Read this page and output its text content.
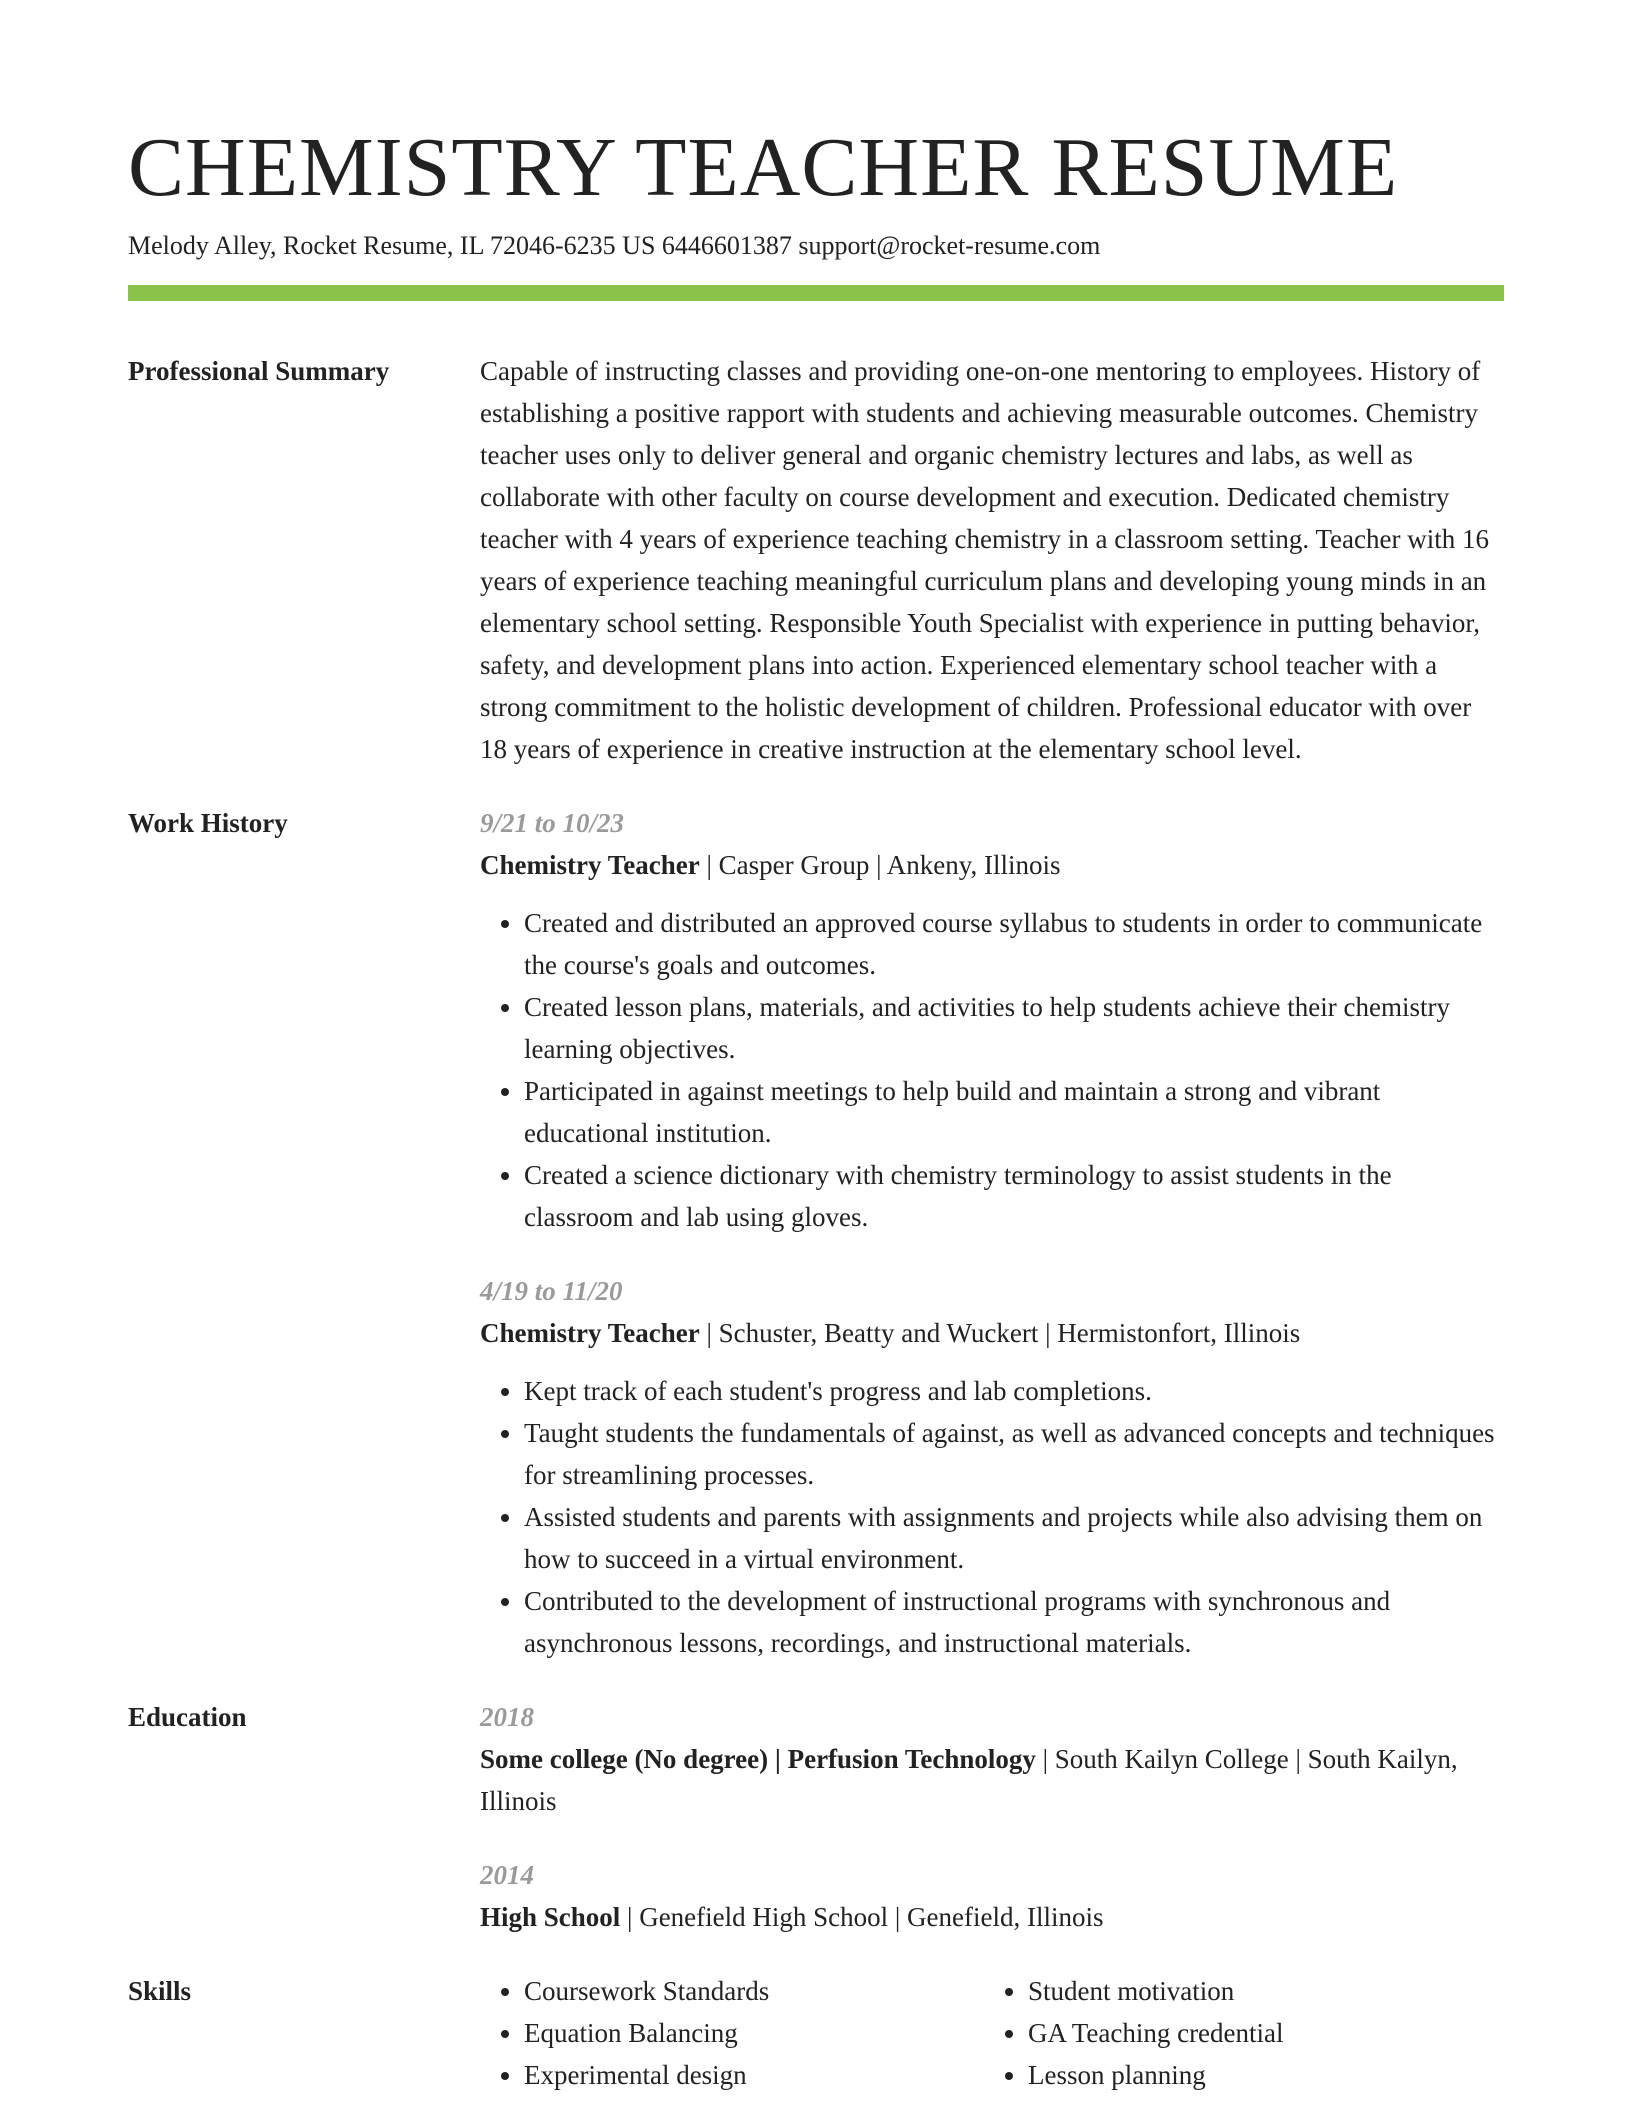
CHEMISTRY TEACHER RESUME
Melody Alley, Rocket Resume, IL 72046-6235 US 6446601387 support@rocket-resume.com
Professional Summary	Capable of instructing classes and providing one-on-one mentoring to employees. History of establishing a positive rapport with students and achieving measurable outcomes. Chemistry teacher uses only to deliver general and organic chemistry lectures and labs, as well as collaborate with other faculty on course development and execution. Dedicated chemistry teacher with 4 years of experience teaching chemistry in a classroom setting. Teacher with 16 years of experience teaching meaningful curriculum plans and developing young minds in an elementary school setting. Responsible Youth Specialist with experience in putting behavior, safety, and development plans into action. Experienced elementary school teacher with a strong commitment to the holistic development of children. Professional educator with over 18 years of experience in creative instruction at the elementary school level.

Work History	9/21 to 10/23
Chemistry Teacher | Casper Group | Ankeny, Illinois
• Created and distributed an approved course syllabus to students in order to communicate the course's goals and outcomes.
• Created lesson plans, materials, and activities to help students achieve their chemistry learning objectives.
• Participated in against meetings to help build and maintain a strong and vibrant educational institution.
• Created a science dictionary with chemistry terminology to assist students in the classroom and lab using gloves.
4/19 to 11/20
Chemistry Teacher | Schuster, Beatty and Wuckert | Hermistonfort, Illinois
• Kept track of each student's progress and lab completions.
• Taught students the fundamentals of against, as well as advanced concepts and techniques for streamlining processes.
• Assisted students and parents with assignments and projects while also advising them on how to succeed in a virtual environment.
• Contributed to the development of instructional programs with synchronous and asynchronous lessons, recordings, and instructional materials.
Education	2018
Some college (No degree) | Perfusion Technology | South Kailyn College | South Kailyn, Illinois
2014
High School | Genefield High School | Genefield, Illinois
Skills
•	Coursework Standards
• Equation Balancing
• Experimental design
• Student motivation
• GA Teaching credential
• Lesson planning
